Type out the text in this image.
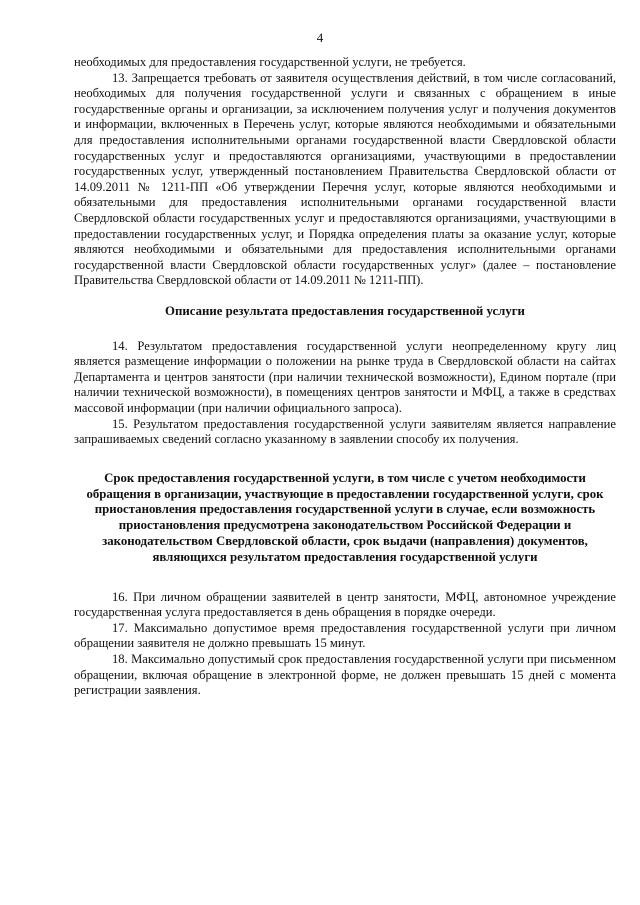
4

необходимых для предоставления государственной услуги, не требуется.

13. Запрещается требовать от заявителя осуществления действий, в том числе согласований, необходимых для получения государственной услуги и связанных с обращением в иные государственные органы и организации, за исключением получения услуг и получения документов и информации, включенных в Перечень услуг, которые являются необходимыми и обязательными для предоставления исполнительными органами государственной власти Свердловской области государственных услуг и предоставляются организациями, участвующими в предоставлении государственных услуг, утвержденный постановлением Правительства Свердловской области от 14.09.2011 № 1211-ПП «Об утверждении Перечня услуг, которые являются необходимыми и обязательными для предоставления исполнительными органами государственной власти Свердловской области государственных услуг и предоставляются организациями, участвующими в предоставлении государственных услуг, и Порядка определения платы за оказание услуг, которые являются необходимыми и обязательными для предоставления исполнительными органами государственной власти Свердловской области государственных услуг» (далее – постановление Правительства Свердловской области от 14.09.2011 № 1211-ПП).

Описание результата предоставления государственной услуги

14. Результатом предоставления государственной услуги неопределенному кругу лиц является размещение информации о положении на рынке труда в Свердловской области на сайтах Департамента и центров занятости (при наличии технической возможности), Едином портале (при наличии технической возможности), в помещениях центров занятости и МФЦ, а также в средствах массовой информации (при наличии официального запроса).

15. Результатом предоставления государственной услуги заявителям является направление запрашиваемых сведений согласно указанному в заявлении способу их получения.

Срок предоставления государственной услуги, в том числе с учетом необходимости обращения в организации, участвующие в предоставлении государственной услуги, срок приостановления предоставления государственной услуги в случае, если возможность приостановления предусмотрена законодательством Российской Федерации и законодательством Свердловской области, срок выдачи (направления) документов, являющихся результатом предоставления государственной услуги

16. При личном обращении заявителей в центр занятости, МФЦ, автономное учреждение государственная услуга предоставляется в день обращения в порядке очереди.

17. Максимально допустимое время предоставления государственной услуги при личном обращении заявителя не должно превышать 15 минут.

18. Максимально допустимый срок предоставления государственной услуги при письменном обращении, включая обращение в электронной форме, не должен превышать 15 дней с момента регистрации заявления.
